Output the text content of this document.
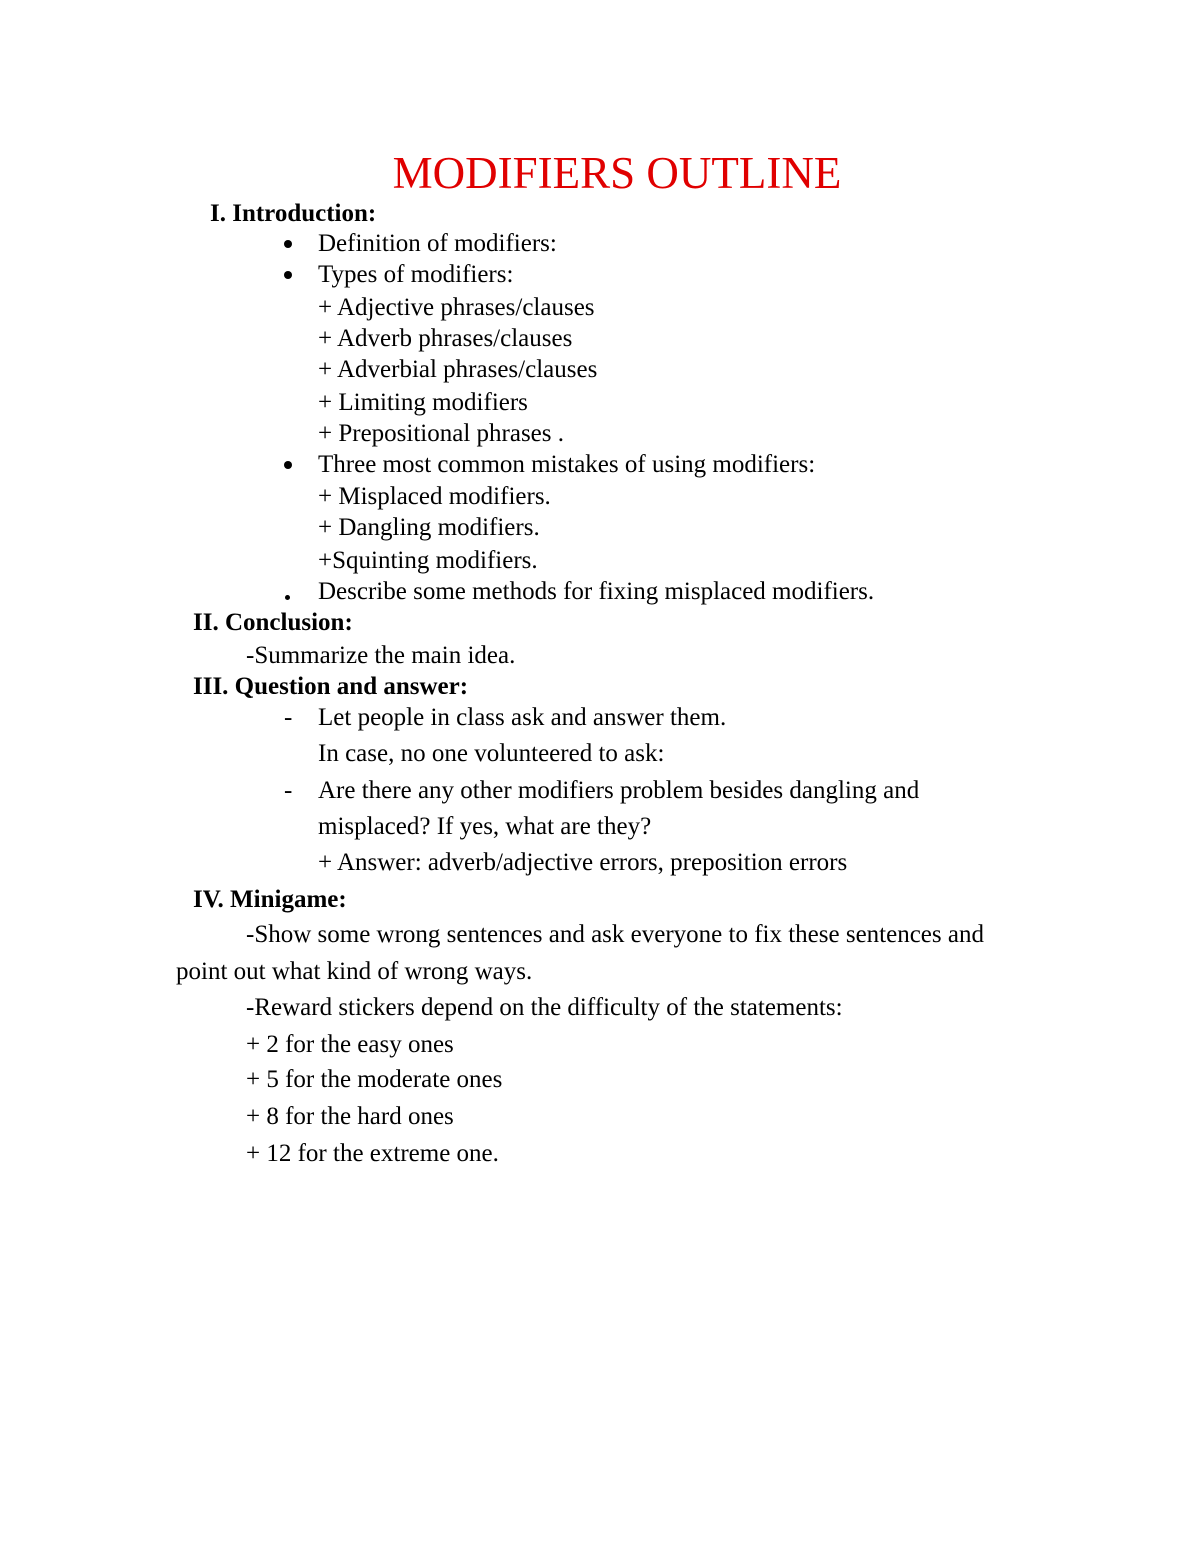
MODIFIERS OUTLINE
I. Introduction:
Definition of modifiers:
Types of modifiers:
+ Adjective phrases/clauses
+ Adverb phrases/clauses
+ Adverbial phrases/clauses
+ Limiting modifiers
+ Prepositional phrases .
Three most common mistakes of using modifiers:
+ Misplaced modifiers.
+ Dangling modifiers.
+Squinting modifiers.
Describe some methods for fixing misplaced modifiers.
II. Conclusion:
-Summarize the main idea.
III. Question and answer:
- Let people in class ask and answer them.
In case, no one volunteered to ask:
- Are there any other modifiers problem besides dangling and
misplaced? If yes, what are they?
+ Answer: adverb/adjective errors, preposition errors
IV. Minigame:
-Show some wrong sentences and ask everyone to fix these sentences and
point out what kind of wrong ways.
-Reward stickers depend on the difficulty of the statements:
+ 2 for the easy ones
+ 5 for the moderate ones
+ 8 for the hard ones
+ 12 for the extreme one.
